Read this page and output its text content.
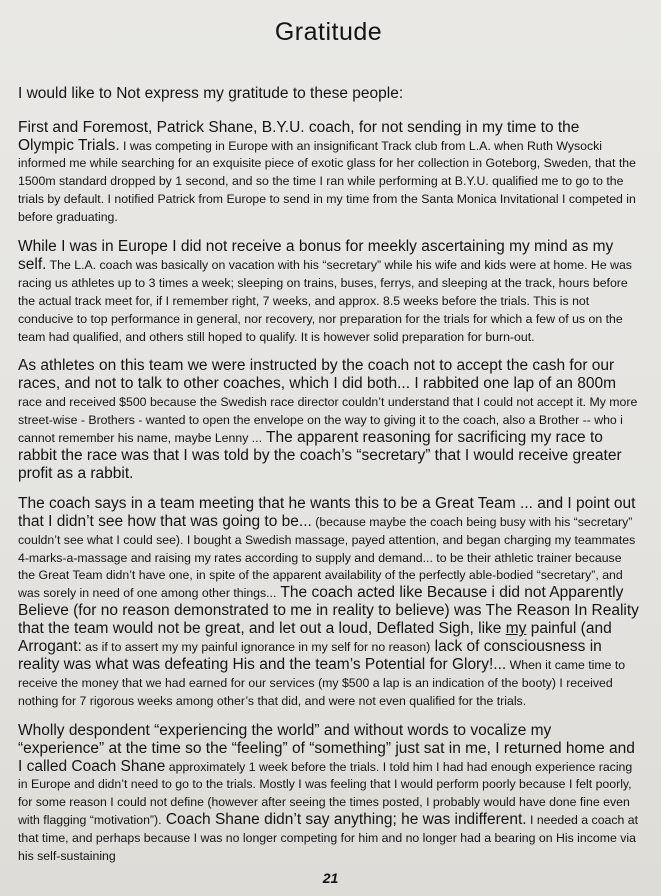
Gratitude
I would like to Not express my gratitude to these people:
First and Foremost, Patrick Shane, B.Y.U. coach, for not sending in my time to the Olympic Trials. I was competing in Europe with an insignificant Track club from L.A. when Ruth Wysocki informed me while searching for an exquisite piece of exotic glass for her collection in Goteborg, Sweden, that the 1500m standard dropped by 1 second, and so the time I ran while performing at B.Y.U. qualified me to go to the trials by default. I notified Patrick from Europe to send in my time from the Santa Monica Invitational I competed in before graduating.
While I was in Europe I did not receive a bonus for meekly ascertaining my mind as my self. The L.A. coach was basically on vacation with his “secretary” while his wife and kids were at home. He was racing us athletes up to 3 times a week; sleeping on trains, buses, ferrys, and sleeping at the track, hours before the actual track meet for, if I remember right, 7 weeks, and approx. 8.5 weeks before the trials. This is not conducive to top performance in general, nor recovery, nor preparation for the trials for which a few of us on the team had qualified, and others still hoped to qualify. It is however solid preparation for burn-out.
As athletes on this team we were instructed by the coach not to accept the cash for our races, and not to talk to other coaches, which I did both... I rabbited one lap of an 800m race and received $500 because the Swedish race director couldn’t understand that I could not accept it. My more street-wise - Brothers - wanted to open the envelope on the way to giving it to the coach, also a Brother -- who i cannot remember his name, maybe Lenny ... The apparent reasoning for sacrificing my race to rabbit the race was that I was told by the coach’s “secretary” that I would receive greater profit as a rabbit.
The coach says in a team meeting that he wants this to be a Great Team ... and I point out that I didn’t see how that was going to be... (because maybe the coach being busy with his “secretary” couldn’t see what I could see). I bought a Swedish massage, payed attention, and began charging my teammates 4-marks-a-massage and raising my rates according to supply and demand... to be their athletic trainer because the Great Team didn’t have one, in spite of the apparent availability of the perfectly able-bodied “secretary”, and was sorely in need of one among other things... The coach acted like Because i did not Apparently Believe (for no reason demonstrated to me in reality to believe) was The Reason In Reality that the team would not be great, and let out a loud, Deflated Sigh, like my painful (and Arrogant: as if to assert my my painful ignorance in my self for no reason) lack of consciousness in reality was what was defeating His and the team’s Potential for Glory!... When it came time to receive the money that we had earned for our services (my $500 a lap is an indication of the booty) I received nothing for 7 rigorous weeks among other’s that did, and were not even qualified for the trials.
Wholly despondent “experiencing the world” and without words to vocalize my “experience” at the time so the “feeling” of “something” just sat in me, I returned home and I called Coach Shane approximately 1 week before the trials. I told him I had had enough experience racing in Europe and didn’t need to go to the trials. Mostly I was feeling that I would perform poorly because I felt poorly, for some reason I could not define (however after seeing the times posted, I probably would have done fine even with flagging “motivation”). Coach Shane didn’t say anything; he was indifferent. I needed a coach at that time, and perhaps because I was no longer competing for him and no longer had a bearing on His income via his self-sustaining
21
